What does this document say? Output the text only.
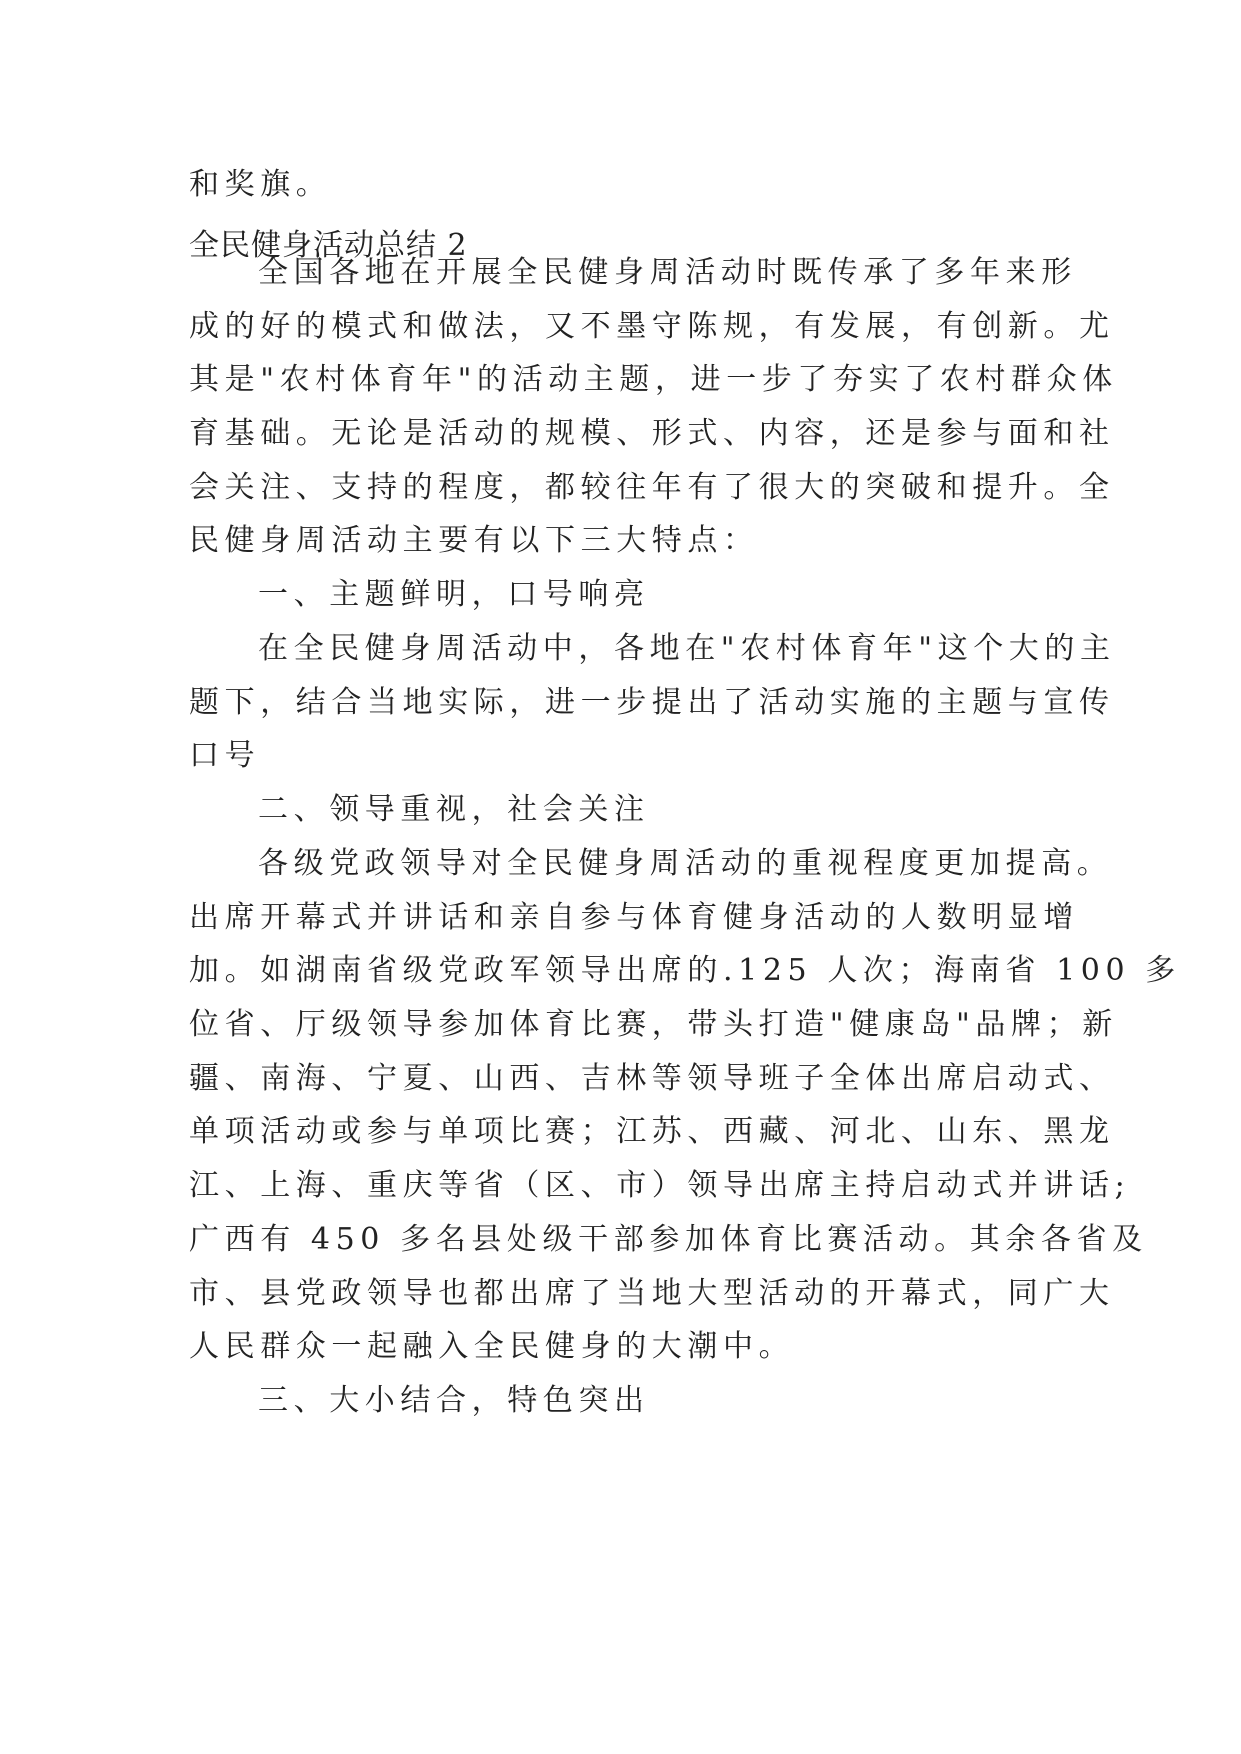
和奖旗。
全民健身活动总结 2
全国各地在开展全民健身周活动时既传承了多年来形
成的好的模式和做法，又不墨守陈规，有发展，有创新。尤
其是"农村体育年"的活动主题，进一步了夯实了农村群众体
育基础。无论是活动的规模、形式、内容，还是参与面和社
会关注、支持的程度，都较往年有了很大的突破和提升。全
民健身周活动主要有以下三大特点：
一、主题鲜明，口号响亮
在全民健身周活动中，各地在"农村体育年"这个大的主
题下，结合当地实际，进一步提出了活动实施的主题与宣传
口号
二、领导重视，社会关注
各级党政领导对全民健身周活动的重视程度更加提高。
出席开幕式并讲话和亲自参与体育健身活动的人数明显增
加。如湖南省级党政军领导出席的.125 人次；海南省 100 多
位省、厅级领导参加体育比赛，带头打造"健康岛"品牌；新
疆、南海、宁夏、山西、吉林等领导班子全体出席启动式、
单项活动或参与单项比赛；江苏、西藏、河北、山东、黑龙
江、上海、重庆等省（区、市）领导出席主持启动式并讲话;
广西有 450 多名县处级干部参加体育比赛活动。其余各省及
市、县党政领导也都出席了当地大型活动的开幕式，同广大
人民群众一起融入全民健身的大潮中。
三、大小结合，特色突出
